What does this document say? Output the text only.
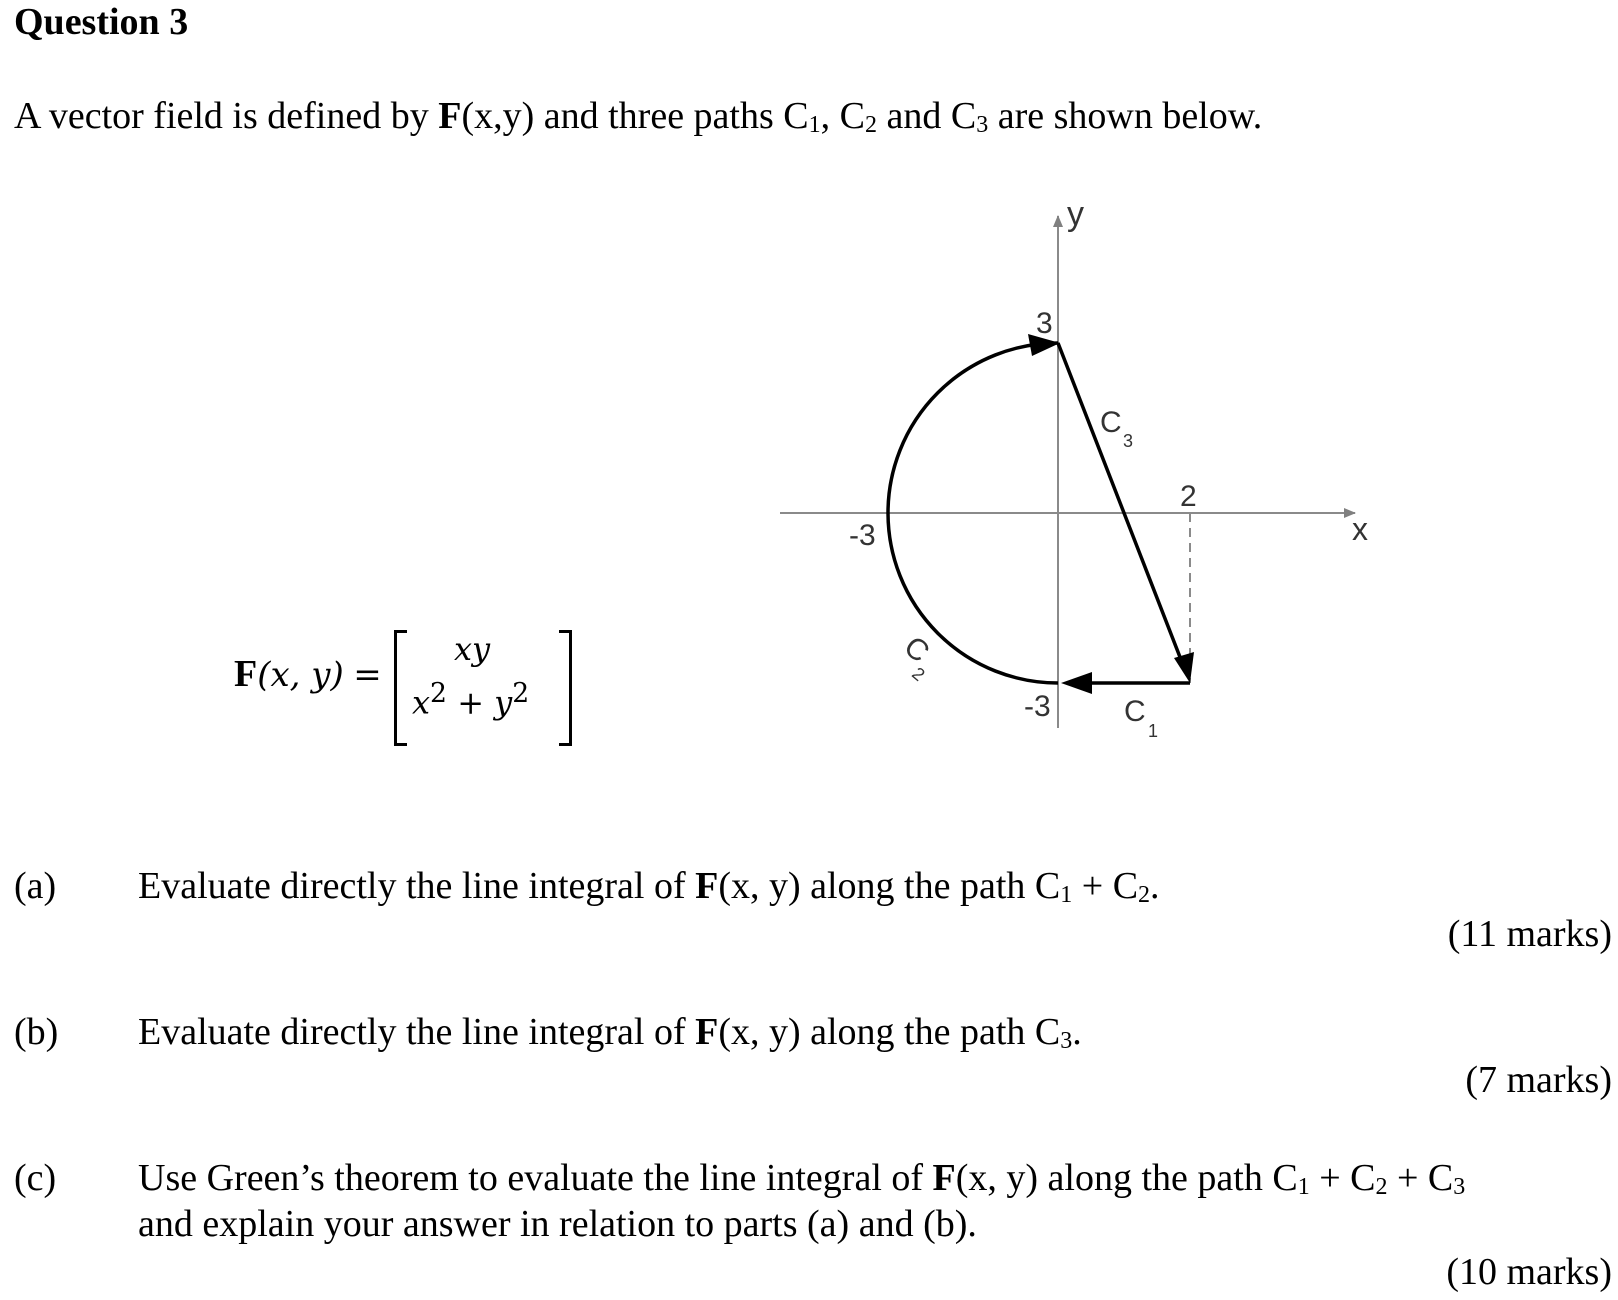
Question 3
A vector field is defined by F(x,y) and three paths $C_1$, $C_2$ and $C_3$ are shown below.
F(x, y) =
xy
$x^2 + y^2$
y
x
3
-3
-3
2
C
3
C
2
C
1
(a) Evaluate directly the line integral of F(x, y) along the path $C_1 + C_2$.
(11 marks)
(b) Evaluate directly the line integral of F(x, y) along the path $C_3$.
(7 marks)
(c) Use Green’s theorem to evaluate the line integral of F(x, y) along the path $C_1 + C_2 + C_3$
and explain your answer in relation to parts (a) and (b).
(10 marks)
